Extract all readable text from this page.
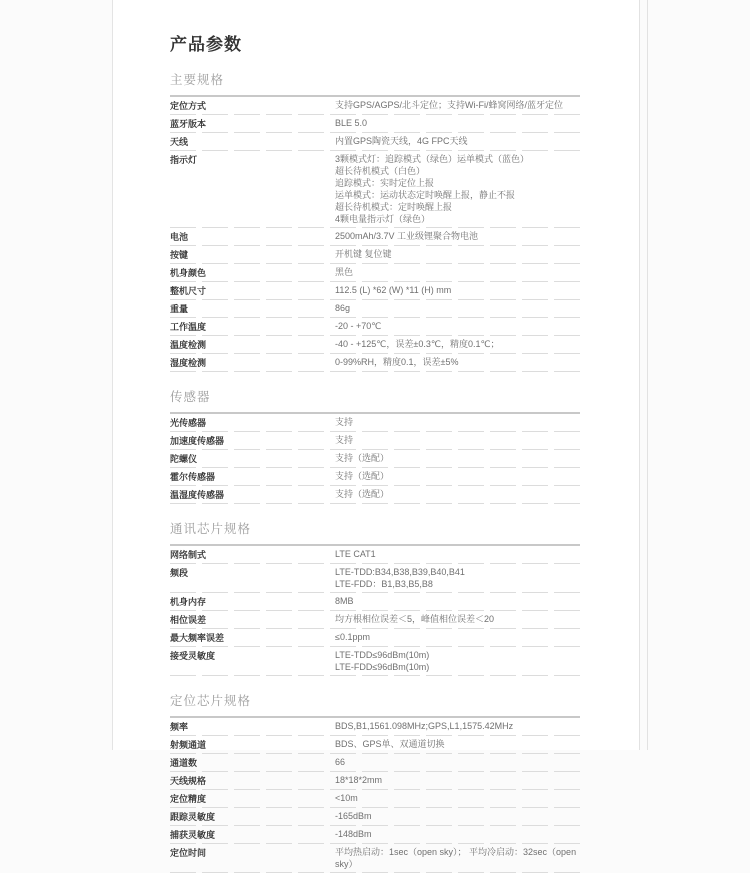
产品参数
主要规格
定位方式	支持GPS/AGPS/北斗定位；支持Wi-Fi/蜂窝网络/蓝牙定位
蓝牙版本	BLE 5.0
天线	内置GPS陶瓷天线，4G FPC天线
指示灯	3颗模式灯：追踪模式（绿色）运单模式（蓝色）
超长待机模式（白色）
追踪模式：实时定位上报
运单模式：运动状态定时唤醒上报，静止不报
超长待机模式：定时唤醒上报
4颗电量指示灯（绿色）
电池	2500mAh/3.7V 工业级锂聚合物电池
按键	开机键 复位键
机身颜色	黑色
整机尺寸	112.5 (L) *62 (W) *11 (H) mm
重量	86g
工作温度	-20 - +70℃
温度检测	-40 - +125℃，误差±0.3℃，精度0.1℃；
湿度检测	0-99%RH，精度0.1，误差±5%
传感器
光传感器	支持
加速度传感器	支持
陀螺仪	支持（选配）
霍尔传感器	支持（选配）
温湿度传感器	支持（选配）
通讯芯片规格
网络制式	LTE CAT1
频段	LTE-TDD:B34,B38,B39,B40,B41
LTE-FDD：B1,B3,B5,B8
机身内存	8MB
相位误差	均方根相位误差＜5，峰值相位误差＜20
最大频率误差	≤0.1ppm
接受灵敏度	LTE-TDD≤96dBm(10m)
LTE-FDD≤96dBm(10m)
定位芯片规格
频率	BDS,B1,1561.098MHz;GPS,L1,1575.42MHz
射频通道	BDS、GPS单、双通道切换
通道数	66
天线规格	18*18*2mm
定位精度	<10m
跟踪灵敏度	-165dBm
捕获灵敏度	-148dBm
定位时间	平均热启动：1sec（open sky）； 平均冷启动：32sec（open sky）
